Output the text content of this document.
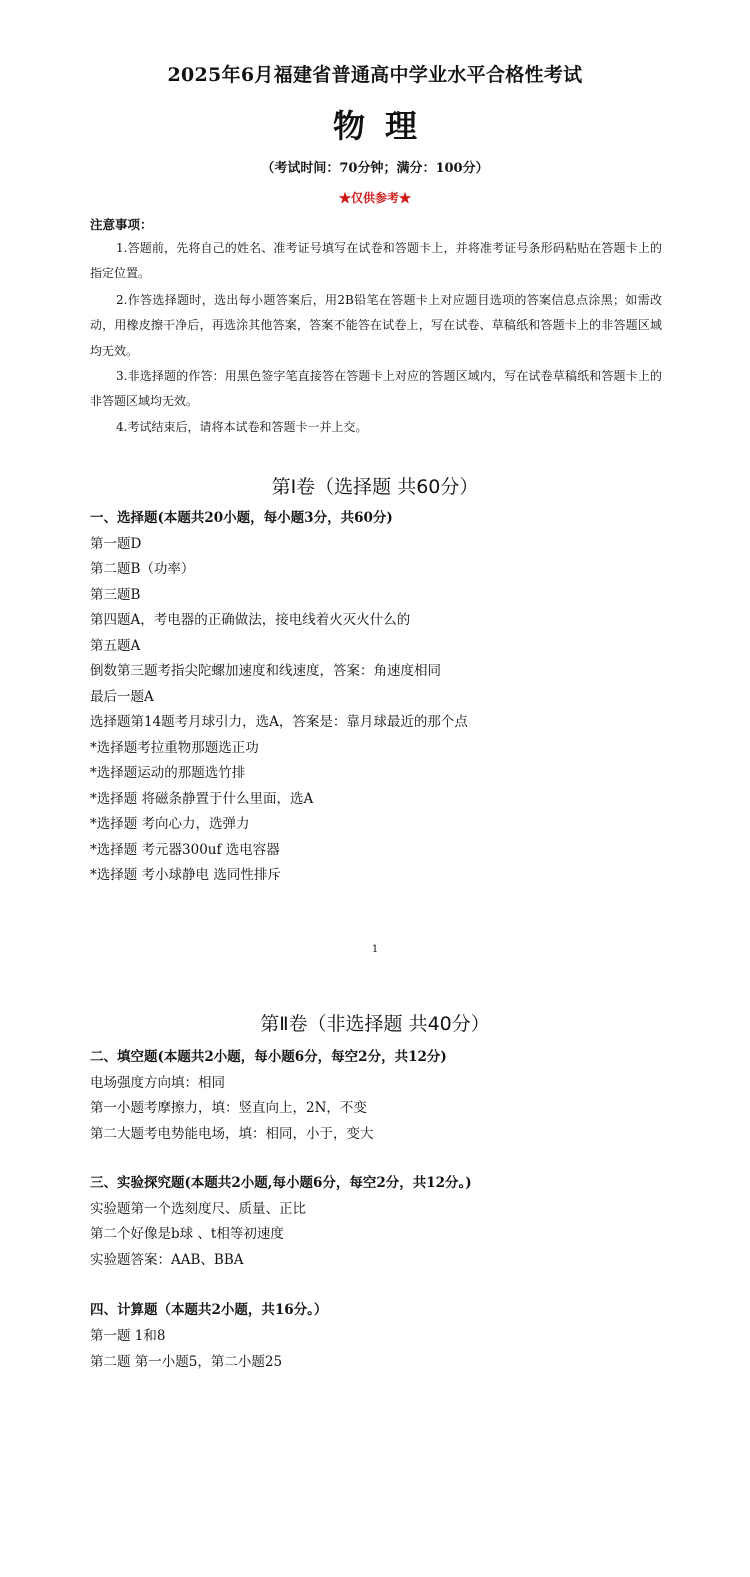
2025年6月福建省普通高中学业水平合格性考试
物理
（考试时间：70分钟；满分：100分）
★仅供参考★
注意事项：
1.答题前，先将自己的姓名、准考证号填写在试卷和答题卡上，并将准考证号条形码粘贴在答题卡上的指定位置。
2.作答选择题时，选出每小题答案后，用2B铅笔在答题卡上对应题目选项的答案信息点涂黑；如需改动，用橡皮擦干净后，再选涂其他答案，答案不能答在试卷上，写在试卷、草稿纸和答题卡上的非答题区域均无效。
3.非选择题的作答：用黑色签字笔直接答在答题卡上对应的答题区域内，写在试卷草稿纸和答题卡上的非答题区域均无效。
4.考试结束后，请将本试卷和答题卡一并上交。
第Ⅰ卷（选择题 共60分）
一、选择题(本题共20小题，每小题3分，共60分)
第一题D
第二题B（功率）
第三题B
第四题A，考电器的正确做法，接电线着火灭火什么的
第五题A
倒数第三题考指尖陀螺加速度和线速度，答案：角速度相同
最后一题A
选择题第14题考月球引力，选A，答案是：靠月球最近的那个点
*选择题考拉重物那题选正功
*选择题运动的那题选竹排
*选择题 将磁条静置于什么里面，选A
*选择题 考向心力，选弹力
*选择题 考元器300uf 选电容器
*选择题 考小球静电 选同性排斥
1
第Ⅱ卷（非选择题 共40分）
二、填空题(本题共2小题，每小题6分，每空2分，共12分)
电场强度方向填：相同
第一小题考摩擦力，填：竖直向上，2N，不变
第二大题考电势能电场，填：相同，小于，变大
三、实验探究题(本题共2小题,每小题6分，每空2分，共12分。)
实验题第一个选刻度尺、质量、正比
第二个好像是b球 、t相等初速度
实验题答案：AAB、BBA
四、计算题（本题共2小题，共16分。）
第一题 1和8
第二题 第一小题5，第二小题25
